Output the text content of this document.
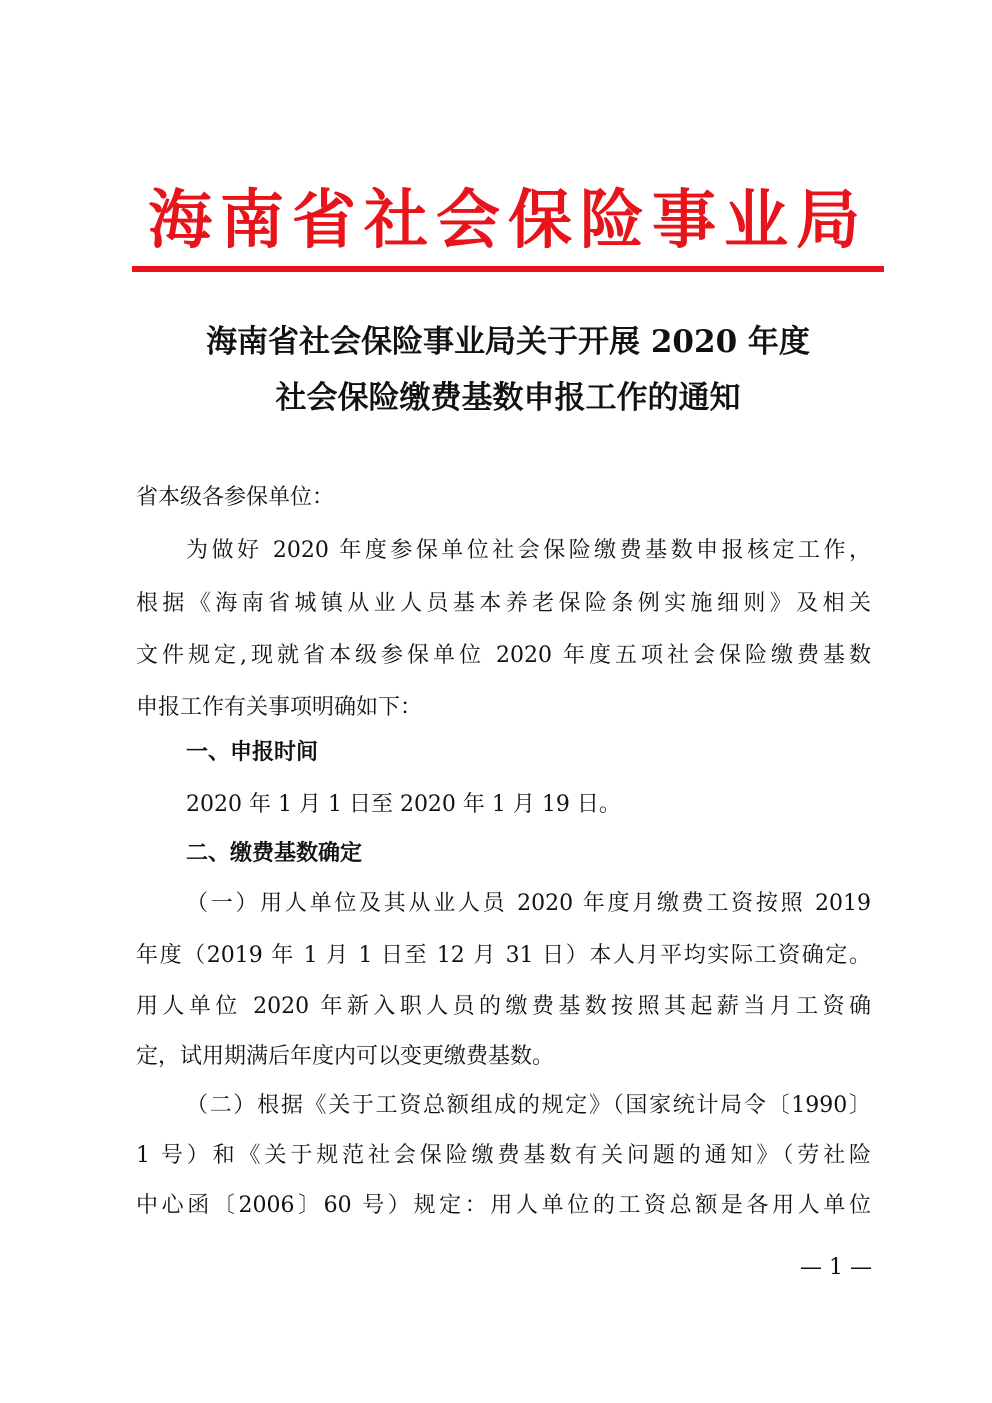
海南省社会保险事业局
海南省社会保险事业局关于开展 2020 年度
社会保险缴费基数申报工作的通知
省本级各参保单位：
为做好 2020 年度参保单位社会保险缴费基数申报核定工作，
根据《海南省城镇从业人员基本养老保险条例实施细则》及相关
文件规定,现就省本级参保单位 2020 年度五项社会保险缴费基数
申报工作有关事项明确如下：
一、申报时间
2020 年 1 月 1 日至 2020 年 1 月 19 日。
二、缴费基数确定
（一）用人单位及其从业人员 2020 年度月缴费工资按照 2019
年度（2019 年 1 月 1 日至 12 月 31 日）本人月平均实际工资确定。
用人单位 2020 年新入职人员的缴费基数按照其起薪当月工资确
定，试用期满后年度内可以变更缴费基数。
（二）根据《关于工资总额组成的规定》（国家统计局令〔1990〕
1 号）和《关于规范社会保险缴费基数有关问题的通知》（劳社险
中心函〔2006〕60 号）规定：用人单位的工资总额是各用人单位
— 1 —
